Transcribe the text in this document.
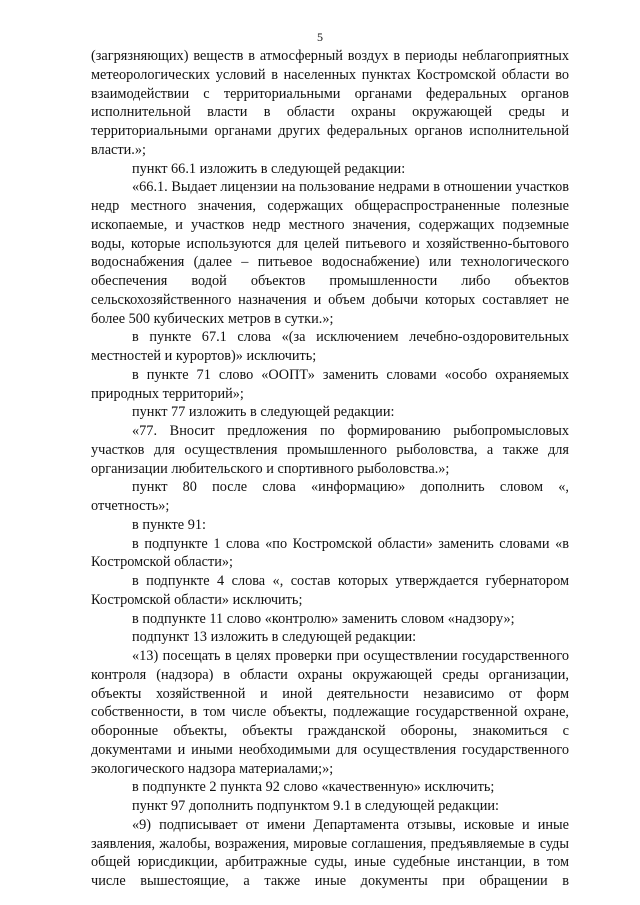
5

(загрязняющих) веществ в атмосферный воздух в периоды неблагоприятных метеорологических условий в населенных пунктах Костромской области во взаимодействии с территориальными органами федеральных органов исполнительной власти в области охраны окружающей среды и территориальными органами других федеральных органов исполнительной власти.»;

пункт 66.1 изложить в следующей редакции:

«66.1. Выдает лицензии на пользование недрами в отношении участков недр местного значения, содержащих общераспространенные полезные ископаемые, и участков недр местного значения, содержащих подземные воды, которые используются для целей питьевого и хозяйственно-бытового водоснабжения (далее – питьевое водоснабжение) или технологического обеспечения водой объектов промышленности либо объектов сельскохозяйственного назначения и объем добычи которых составляет не более 500 кубических метров в сутки.»;

в пункте 67.1 слова «(за исключением лечебно-оздоровительных местностей и курортов)» исключить;

в пункте 71 слово «ООПТ» заменить словами «особо охраняемых природных территорий»;

пункт 77 изложить в следующей редакции:

«77. Вносит предложения по формированию рыбопромысловых участков для осуществления промышленного рыболовства, а также для организации любительского и спортивного рыболовства.»;

пункт 80 после слова «информацию» дополнить словом «, отчетность»;

в пункте 91:

в подпункте 1 слова «по Костромской области» заменить словами «в Костромской области»;

в подпункте 4 слова «, состав которых утверждается губернатором Костромской области» исключить;

в подпункте 11 слово «контролю» заменить словом «надзору»;

подпункт 13 изложить в следующей редакции:

«13) посещать в целях проверки при осуществлении государственного контроля (надзора) в области охраны окружающей среды организации, объекты хозяйственной и иной деятельности независимо от форм собственности, в том числе объекты, подлежащие государственной охране, оборонные объекты, объекты гражданской обороны, знакомиться с документами и иными необходимыми для осуществления государственного экологического надзора материалами;»;

в подпункте 2 пункта 92 слово «качественную» исключить;

пункт 97 дополнить подпунктом 9.1 в следующей редакции:

«9) подписывает от имени Департамента отзывы, исковые и иные заявления, жалобы, возражения, мировые соглашения, предъявляемые в суды общей юрисдикции, арбитражные суды, иные судебные инстанции, в том числе вышестоящие, а также иные документы при обращении в
